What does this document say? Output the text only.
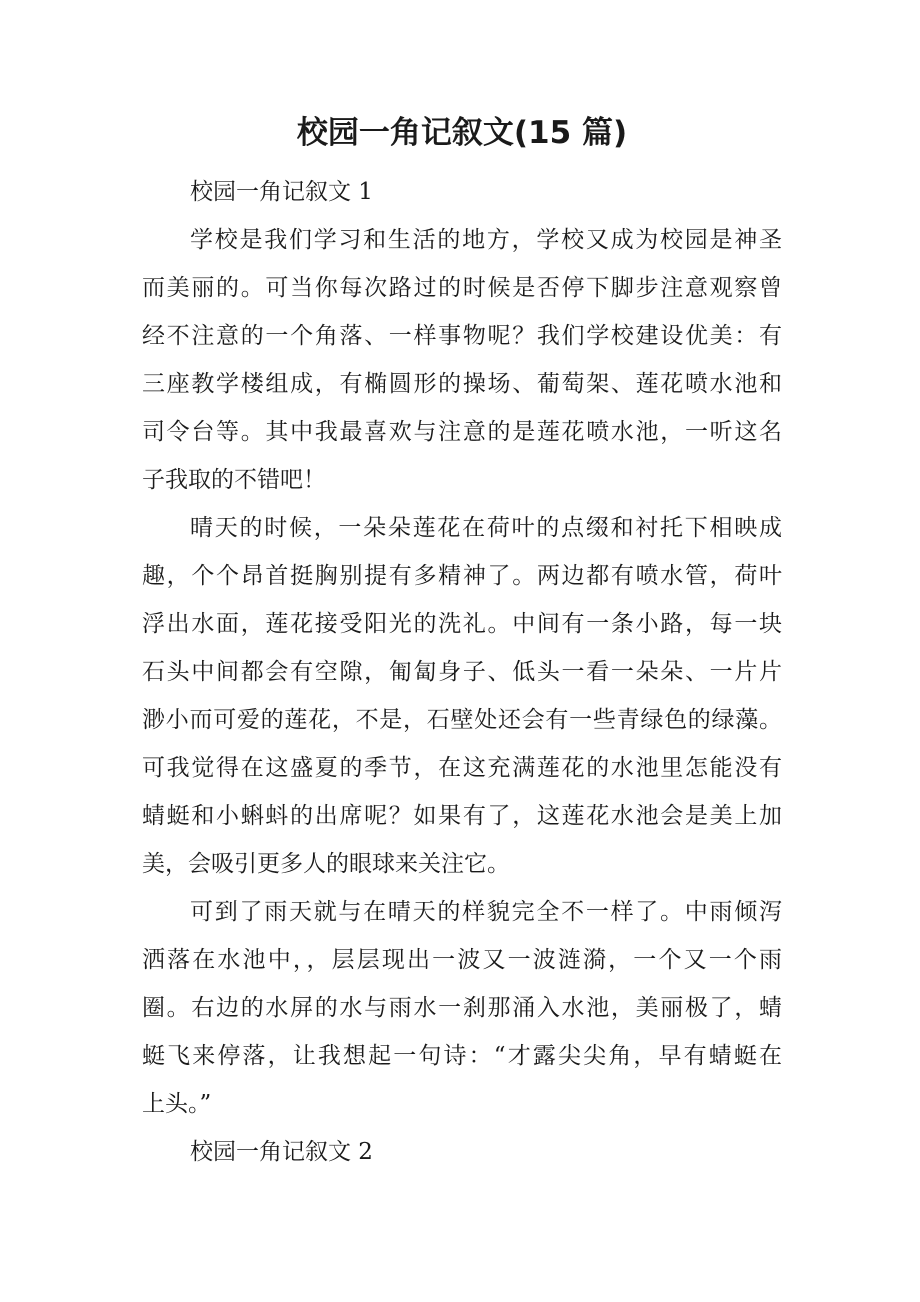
校园一角记叙文(15 篇)
校园一角记叙文 1
学校是我们学习和生活的地方，学校又成为校园是神圣
而美丽的。可当你每次路过的时候是否停下脚步注意观察曾
经不注意的一个角落、一样事物呢？我们学校建设优美：有
三座教学楼组成，有椭圆形的操场、葡萄架、莲花喷水池和
司令台等。其中我最喜欢与注意的是莲花喷水池，一听这名
子我取的不错吧！
晴天的时候，一朵朵莲花在荷叶的点缀和衬托下相映成
趣，个个昂首挺胸别提有多精神了。两边都有喷水管，荷叶
浮出水面，莲花接受阳光的洗礼。中间有一条小路，每一块
石头中间都会有空隙，匍匐身子、低头一看一朵朵、一片片
渺小而可爱的莲花，不是，石壁处还会有一些青绿色的绿藻。
可我觉得在这盛夏的季节，在这充满莲花的水池里怎能没有
蜻蜓和小蝌蚪的出席呢？如果有了，这莲花水池会是美上加
美，会吸引更多人的眼球来关注它。
可到了雨天就与在晴天的样貌完全不一样了。中雨倾泻
洒落在水池中，，层层现出一波又一波涟漪，一个又一个雨
圈。右边的水屏的水与雨水一刹那涌入水池，美丽极了，蜻
蜓飞来停落，让我想起一句诗：“才露尖尖角，早有蜻蜓在
上头。”
校园一角记叙文 2
